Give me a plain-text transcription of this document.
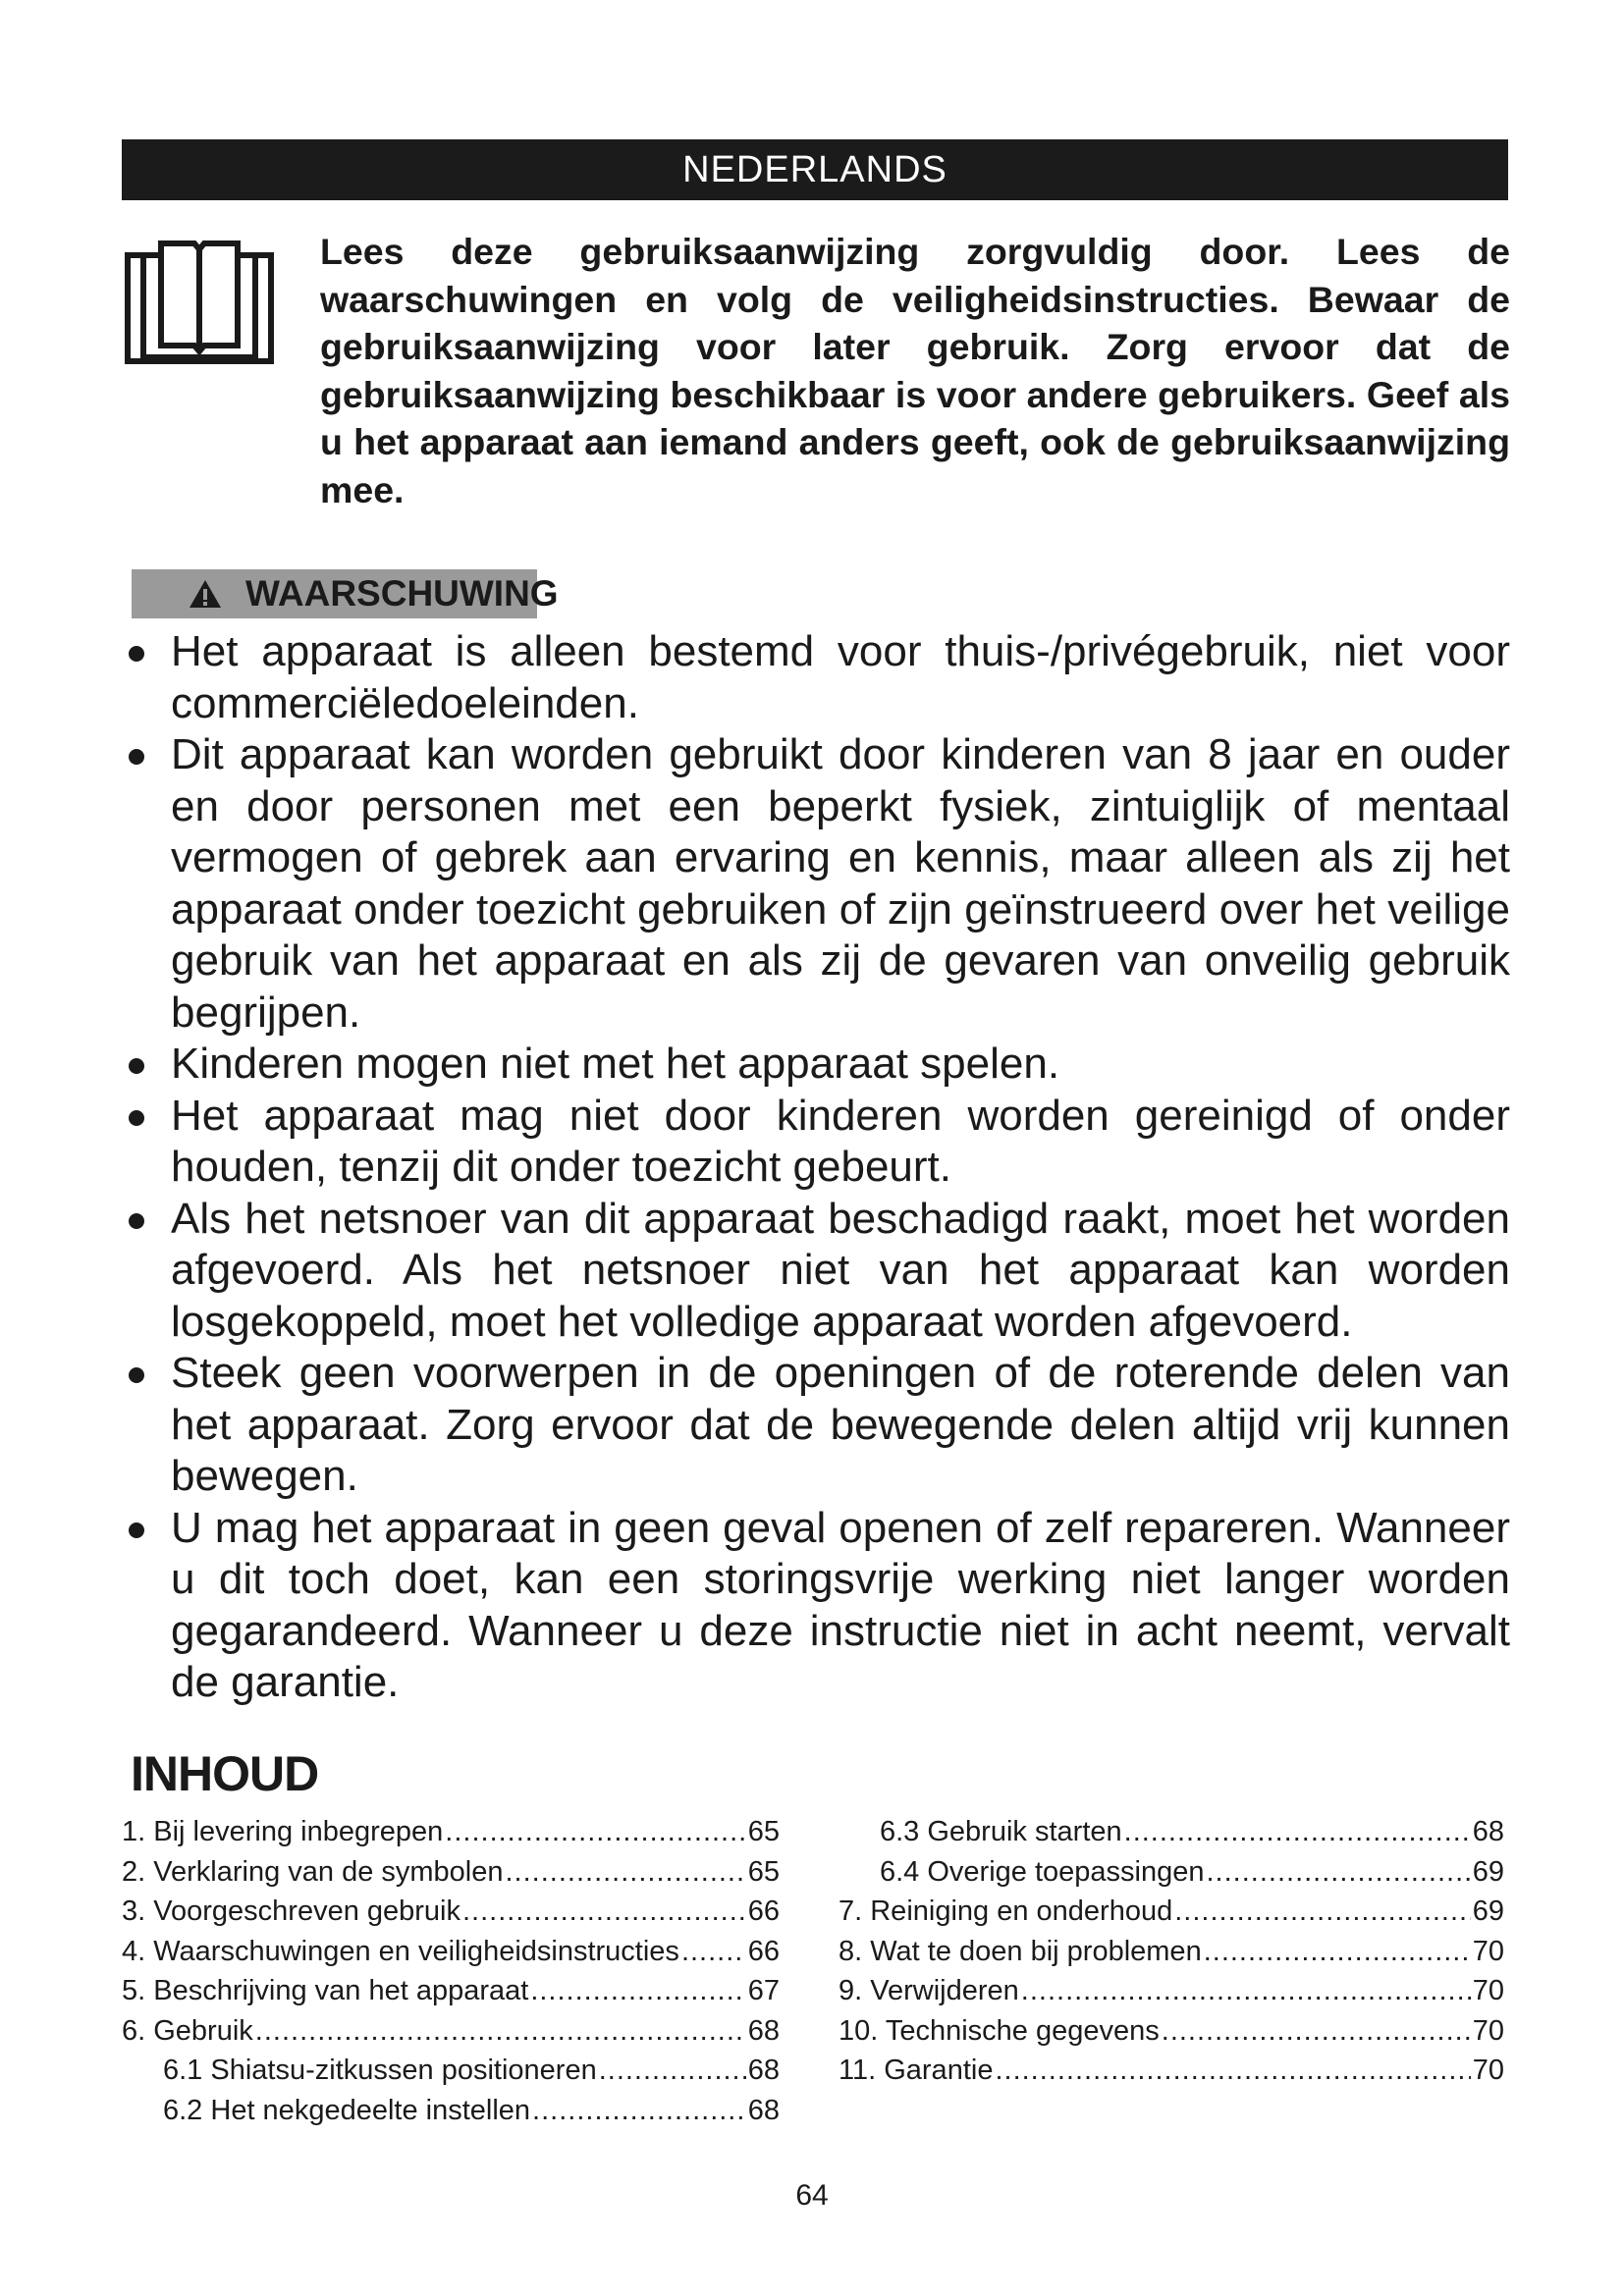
NEDERLANDS

Lees deze gebruiksaanwijzing zorgvuldig door. Lees de waarschuwingen en volg de veiligheidsinstructies. Bewaar de gebruiksaanwijzing voor later gebruik. Zorg ervoor dat de gebruiksaanwijzing beschikbaar is voor andere gebruikers. Geef als u het apparaat aan iemand anders geeft, ook de gebruiksaanwijzing mee.

WAARSCHUWING
Het apparaat is alleen bestemd voor thuis-/privégebruik, niet voor commerciëledoeleinden.
Dit apparaat kan worden gebruikt door kinderen van 8 jaar en ouder en door personen met een beperkt fysiek, zintuiglijk of mentaal vermogen of gebrek aan ervaring en kennis, maar alleen als zij het apparaat onder toezicht gebruiken of zijn geïnstrueerd over het veilige gebruik van het apparaat en als zij de gevaren van onveilig gebruik begrijpen.
Kinderen mogen niet met het apparaat spelen.
Het apparaat mag niet door kinderen worden gereinigd of onder houden, tenzij dit onder toezicht gebeurt.
Als het netsnoer van dit apparaat beschadigd raakt, moet het worden afgevoerd. Als het netsnoer niet van het apparaat kan worden losgekoppeld, moet het volledige apparaat worden afgevoerd.
Steek geen voorwerpen in de openingen of de roterende delen van het apparaat. Zorg ervoor dat de bewegende delen altijd vrij kunnen bewegen.
U mag het apparaat in geen geval openen of zelf repareren. Wanneer u dit toch doet, kan een storingsvrije werking niet langer worden gegarandeerd. Wanneer u deze instructie niet in acht neemt, vervalt de garantie.
INHOUD
1. Bij levering inbegrepen .....	65
2. Verklaring van de symbolen .....	65
3. Voorgeschreven gebruik .....	66
4. Waarschuwingen en veiligheidsinstructies ..... 66
5. Beschrijving van het apparaat .....	67
6. Gebruik .....	68
6.1 Shiatsu-zitkussen positioneren .....	68
6.2 Het nekgedeelte instellen .....	68
6.3 Gebruik starten .....	68
6.4 Overige toepassingen .....	69
7. Reiniging en onderhoud .....	69
8. Wat te doen bij problemen .....	70
9. Verwijderen .....	70
10. Technische gegevens .....	70
11. Garantie .....	70
64
